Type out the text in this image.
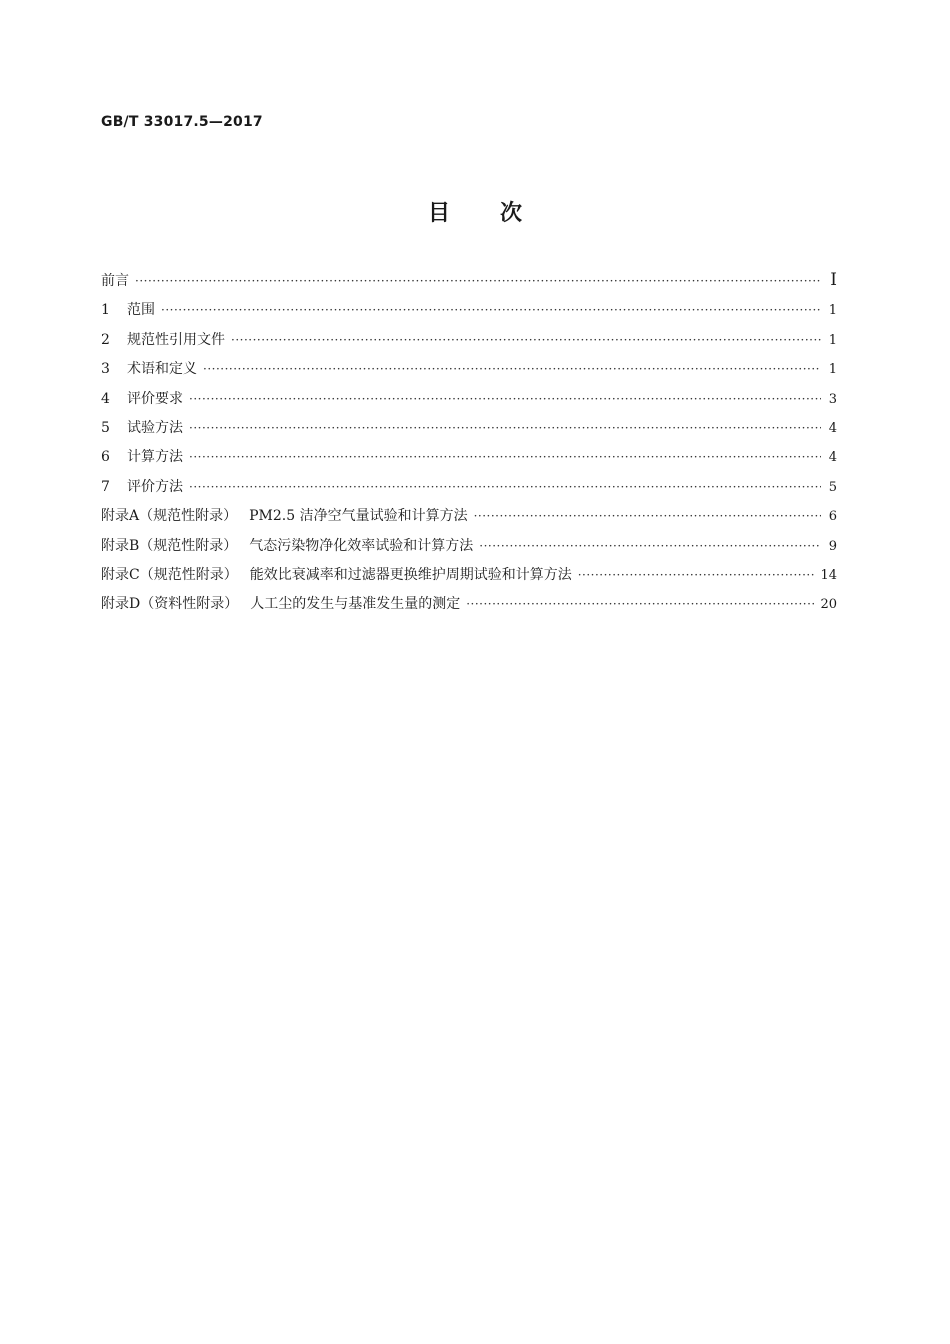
GB/T 33017.5—2017
目次
前言 ·····	Ⅰ
1	范围 ·····	1
2	规范性引用文件 ·····	1
3	术语和定义 ·····	1
4	评价要求 ·····	3
5	试验方法 ·····	4
6	计算方法 ·····	4
7	评价方法 ·····	5
附录A（规范性附录） PM2.5 洁净空气量试验和计算方法 ·····	6
附录B（规范性附录） 气态污染物净化效率试验和计算方法 ·····	9
附录C（规范性附录） 能效比衰减率和过滤器更换维护周期试验和计算方法 ·····	14
附录D（资料性附录） 人工尘的发生与基准发生量的测定 ·····	20
